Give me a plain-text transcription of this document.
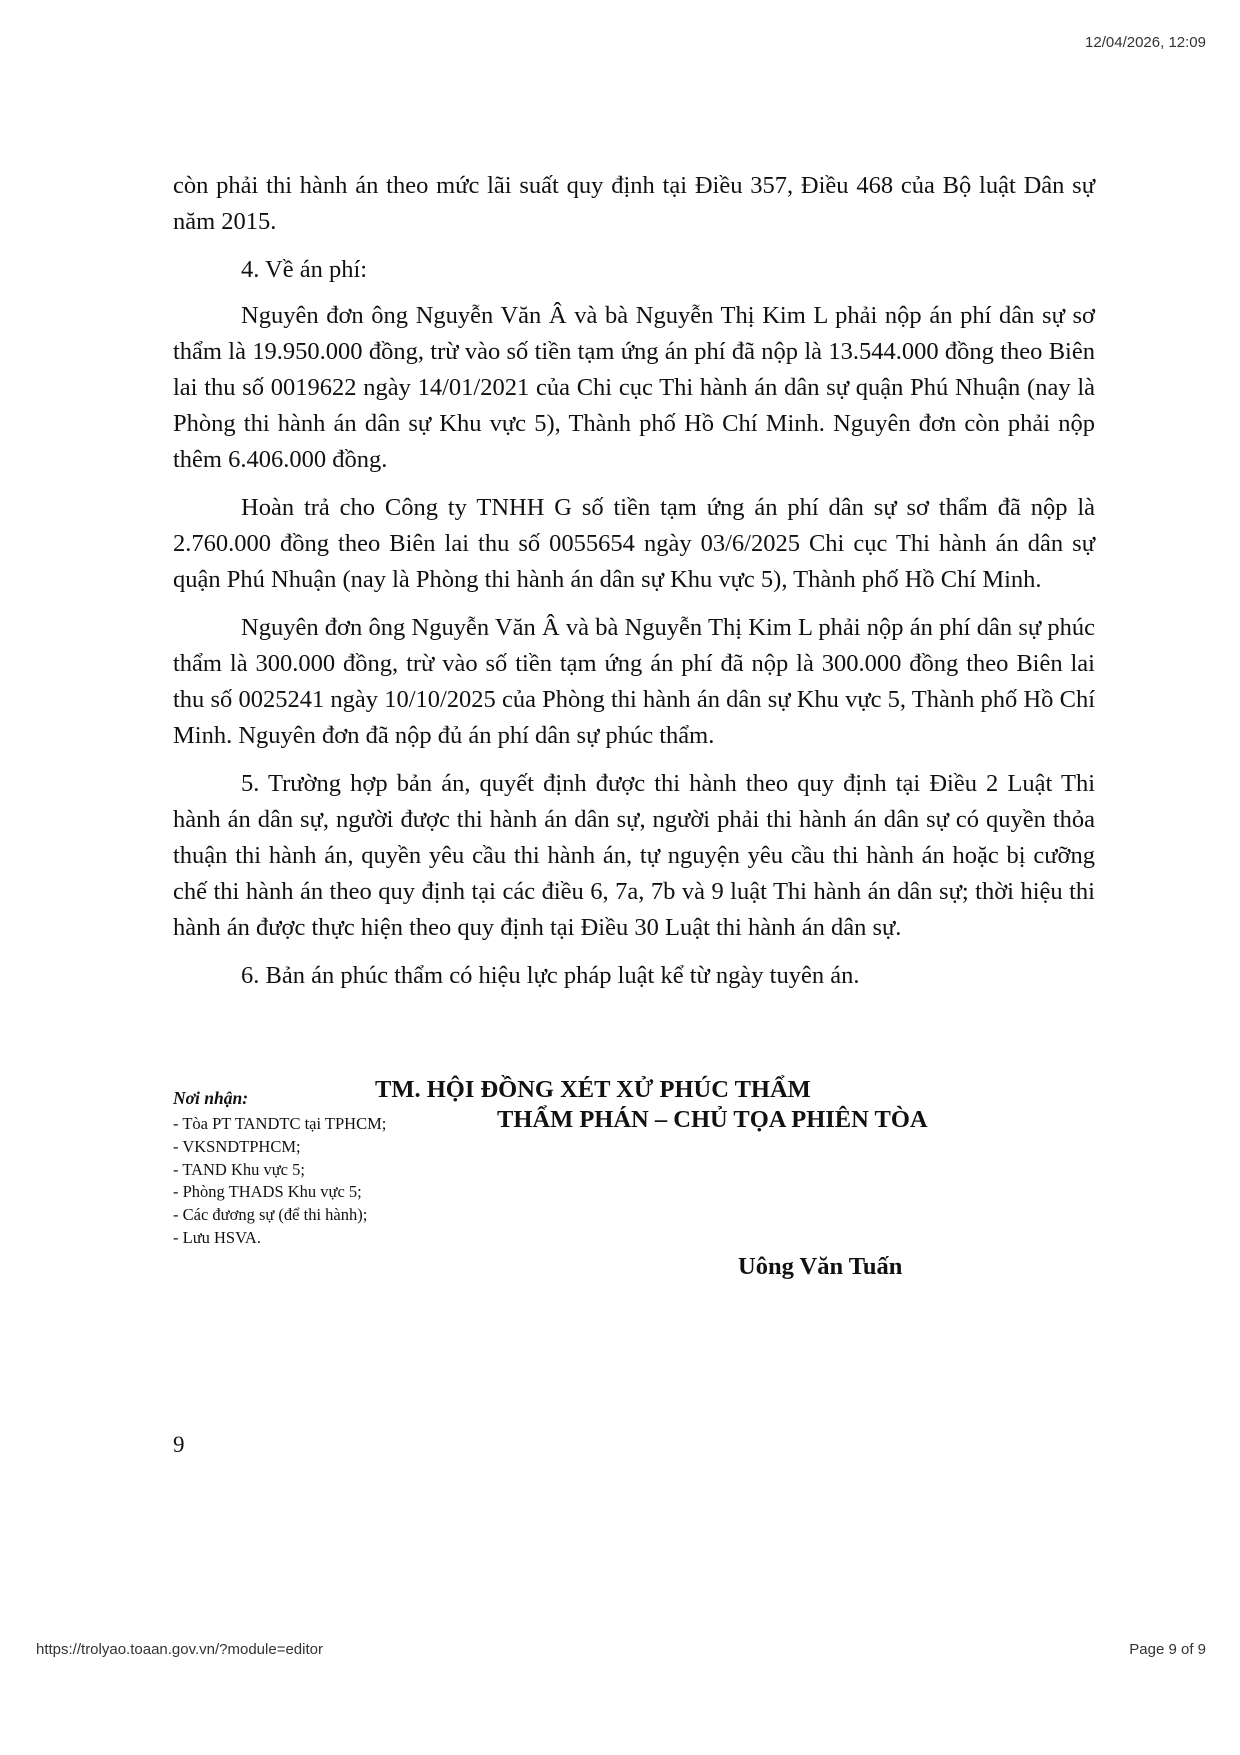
12/04/2026, 12:09

còn phải thi hành án theo mức lãi suất quy định tại Điều 357, Điều 468 của Bộ luật Dân sự năm 2015.

4. Về án phí:

Nguyên đơn ông Nguyễn Văn Â và bà Nguyễn Thị Kim L phải nộp án phí dân sự sơ thẩm là 19.950.000 đồng, trừ vào số tiền tạm ứng án phí đã nộp là 13.544.000 đồng theo Biên lai thu số 0019622 ngày 14/01/2021 của Chi cục Thi hành án dân sự quận Phú Nhuận (nay là Phòng thi hành án dân sự Khu vực 5), Thành phố Hồ Chí Minh. Nguyên đơn còn phải nộp thêm 6.406.000 đồng.

Hoàn trả cho Công ty TNHH G số tiền tạm ứng án phí dân sự sơ thẩm đã nộp là 2.760.000 đồng theo Biên lai thu số 0055654 ngày 03/6/2025 Chi cục Thi hành án dân sự quận Phú Nhuận (nay là Phòng thi hành án dân sự Khu vực 5), Thành phố Hồ Chí Minh.

Nguyên đơn ông Nguyễn Văn Â và bà Nguyễn Thị Kim L phải nộp án phí dân sự phúc thẩm là 300.000 đồng, trừ vào số tiền tạm ứng án phí đã nộp là 300.000 đồng theo Biên lai thu số 0025241 ngày 10/10/2025 của Phòng thi hành án dân sự Khu vực 5, Thành phố Hồ Chí Minh. Nguyên đơn đã nộp đủ án phí dân sự phúc thẩm.

5. Trường hợp bản án, quyết định được thi hành theo quy định tại Điều 2 Luật Thi hành án dân sự, người được thi hành án dân sự, người phải thi hành án dân sự có quyền thỏa thuận thi hành án, quyền yêu cầu thi hành án, tự nguyện yêu cầu thi hành án hoặc bị cưỡng chế thi hành án theo quy định tại các điều 6, 7a, 7b và 9 luật Thi hành án dân sự; thời hiệu thi hành án được thực hiện theo quy định tại Điều 30 Luật thi hành án dân sự.

6. Bản án phúc thẩm có hiệu lực pháp luật kể từ ngày tuyên án.

Nơi nhận:
- Tòa PT TANDTC tại TPHCM;
- VKSNDTPHCM;
- TAND Khu vực 5;
- Phòng THADS Khu vực 5;
- Các đương sự (để thi hành);
- Lưu HSVA.
TM. HỘI ĐỒNG XÉT XỬ PHÚC THẨM
THẨM PHÁN – CHỦ TỌA PHIÊN TÒA
Uông Văn Tuấn
9
https://trolyao.toaan.gov.vn/?module=editor	Page 9 of 9
